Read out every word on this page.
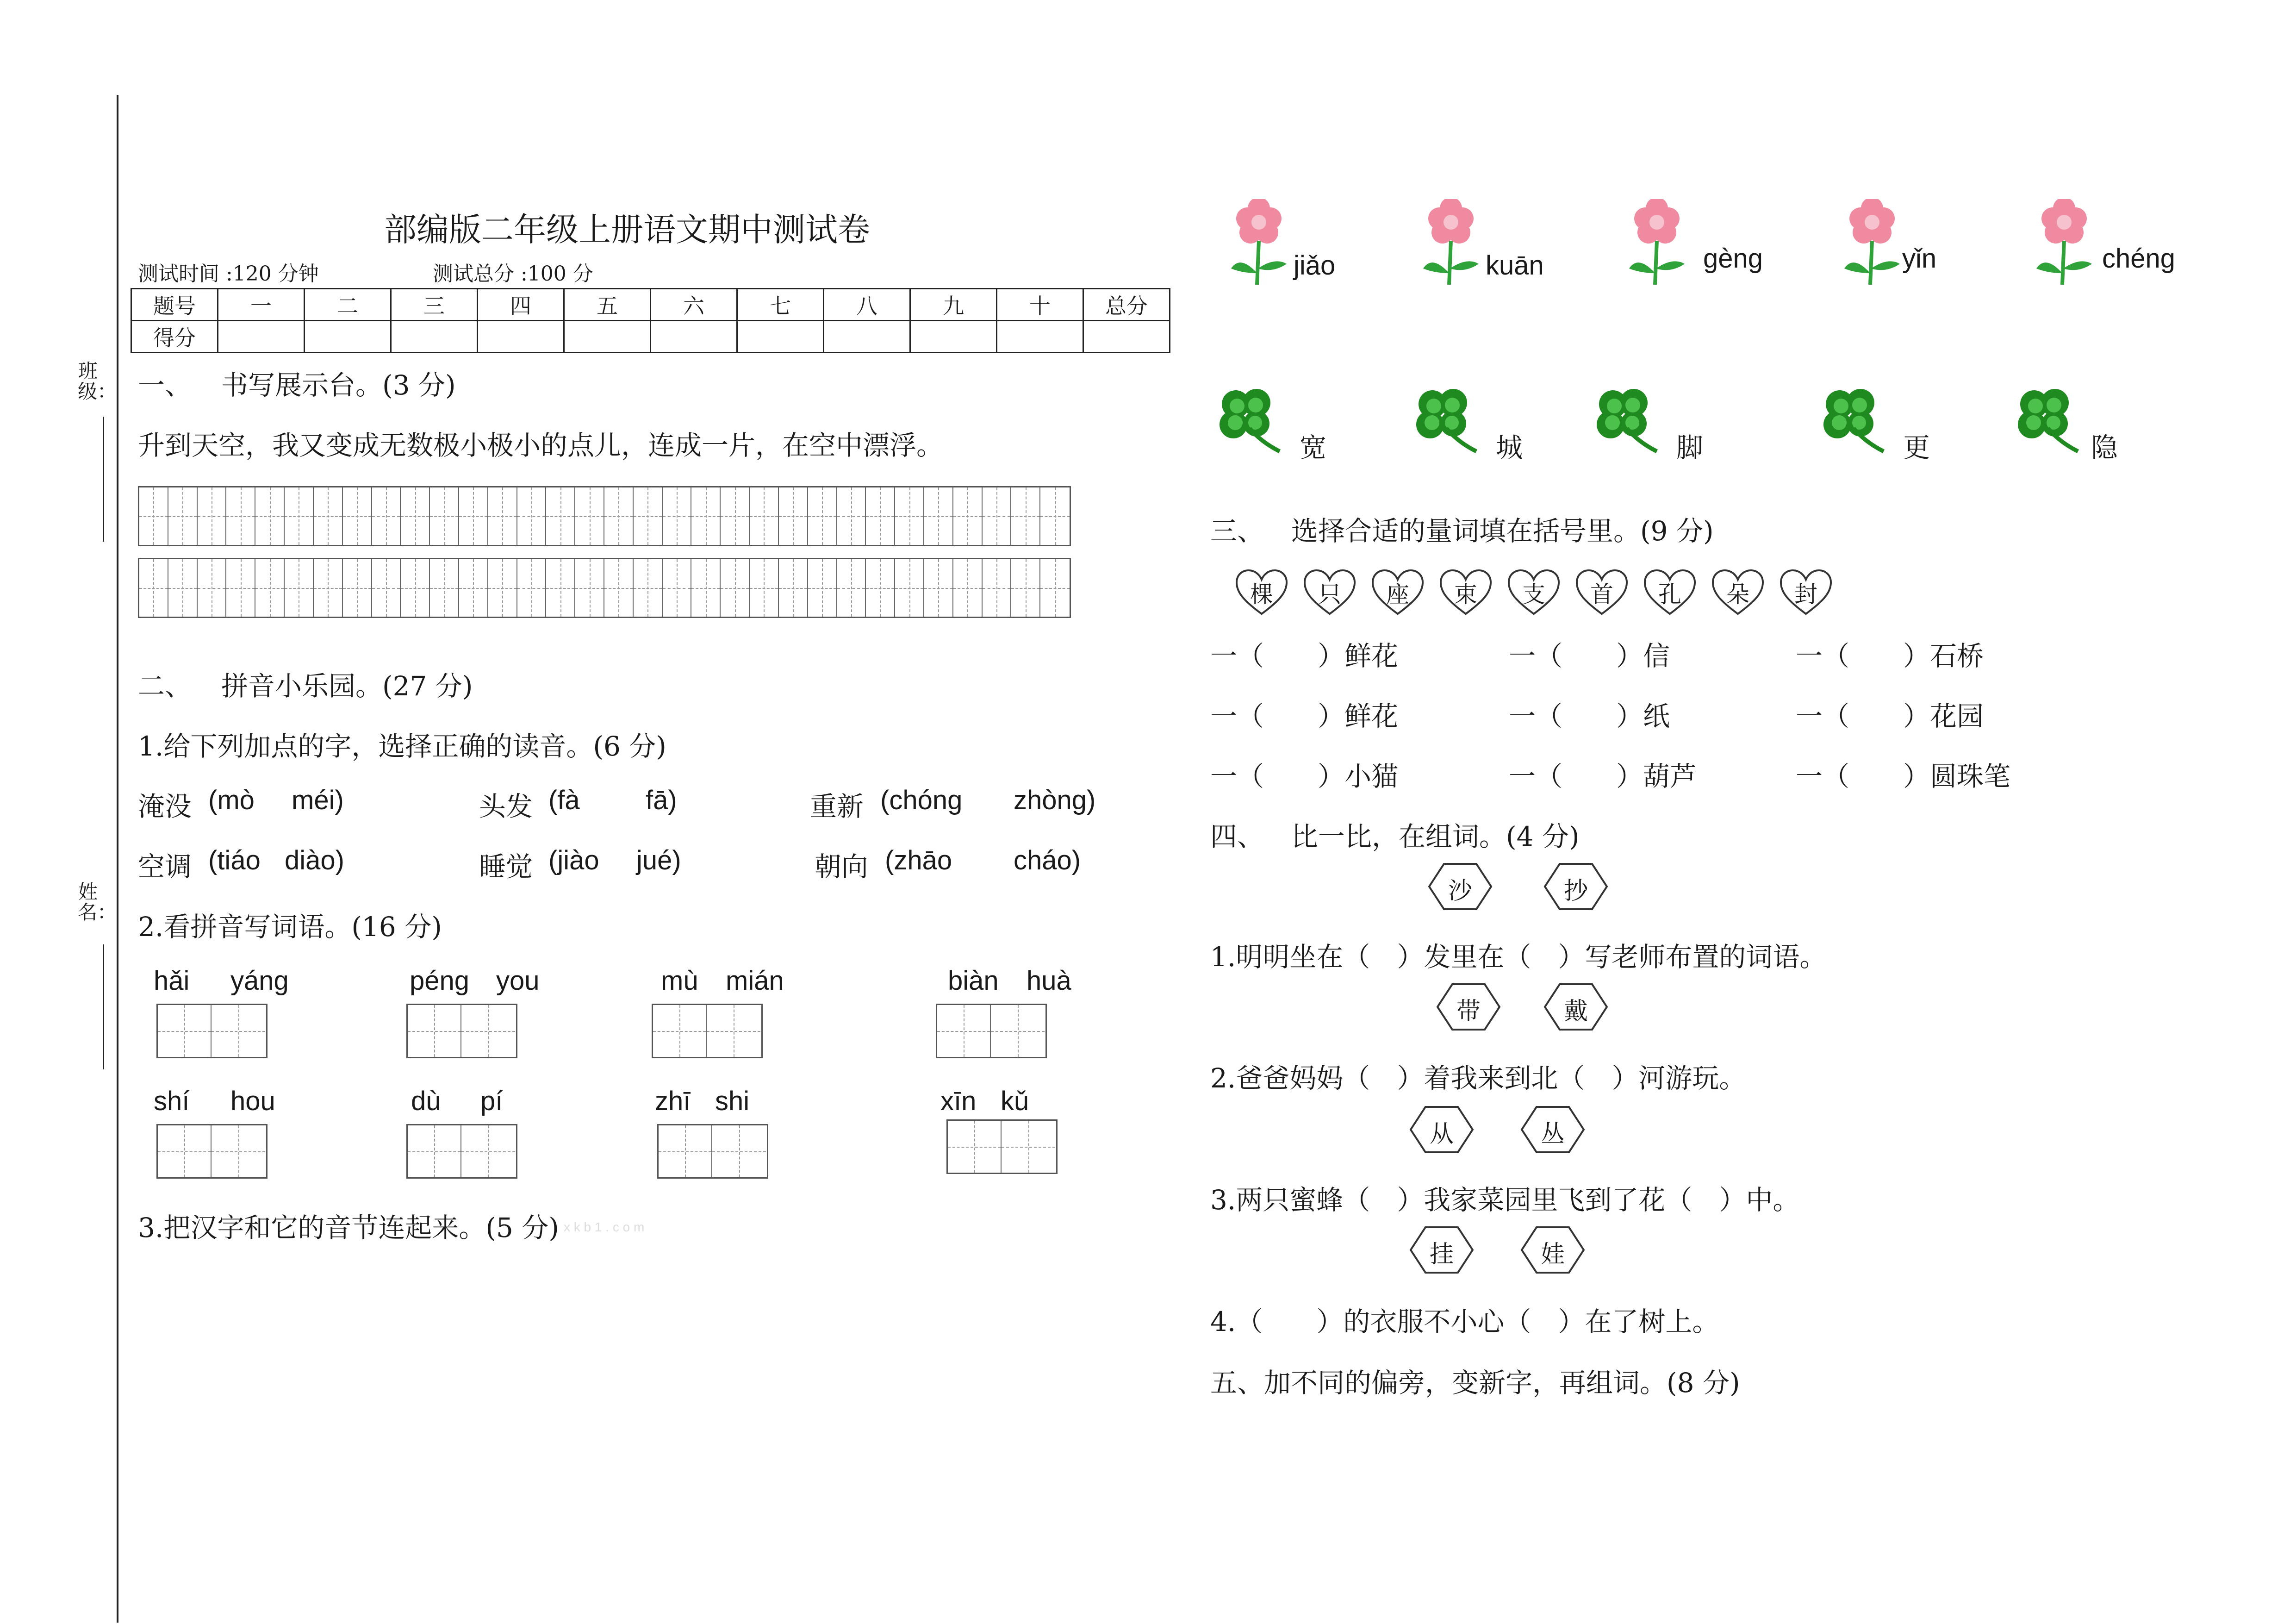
班级：
姓名：
部编版二年级上册语文期中测试卷
测试时间 :120 分钟	测试总分 :100 分
题号	一	二	三	四	五	六	七	八	九	十	总分
得分											
一、 书写展示台。(3 分)
升到天空，我又变成无数极小极小的点儿，连成一片，在空中漂浮。
二、 拼音小乐园。(27 分)
1.给下列加点的字，选择正确的读音。(6 分)
淹没 (mò méi)	头发 (fà fā)	重新 (chóng zhòng)
空调 (tiáo diào)	睡觉 (jiào jué)	朝向 (zhāo cháo)
2.看拼音写词语。(16 分)
hǎi yáng	péng you	mù mián	biàn huà
shí hou	dù pí	zhī shi	xīn kǔ
3.把汉字和它的音节连起来。(5 分) x k b 1 . c o m
jiǎo	kuān	gèng	yǐn	chéng
宽	城	脚	更	隐
三、 选择合适的量词填在括号里。(9 分)
棵	只	座	束	支	首	孔	朵	封
一（　　）鲜花	一（　　）信	一（　　）石桥
一（　　）鲜花	一（　　）纸	一（　　）花园
一（　　）小猫	一（　　）葫芦	一（　　）圆珠笔
四、 比一比，在组词。(4 分)
沙	抄
带	戴
从	丛
挂	娃
1.明明坐在（　）发里在（　）写老师布置的词语。
2.爸爸妈妈（　）着我来到北（　）河游玩。
3.两只蜜蜂（　）我家菜园里飞到了花（　）中。
4.（　　）的衣服不小心（　）在了树上。
五、加不同的偏旁，变新字，再组词。(8 分)
